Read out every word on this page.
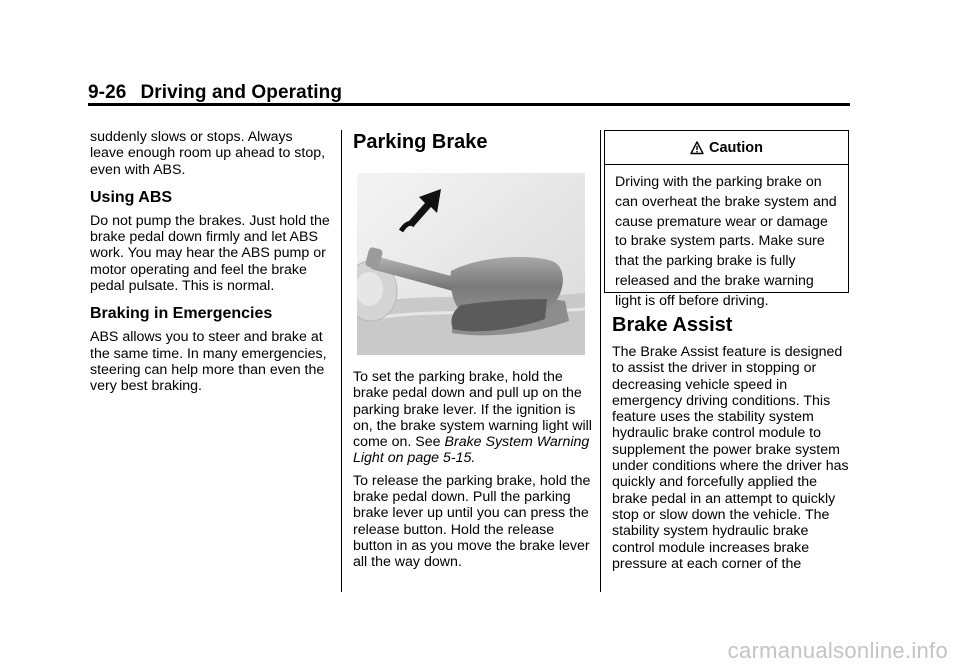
9-26 Driving and Operating

suddenly slows or stops. Always leave enough room up ahead to stop, even with ABS.

Using ABS

Do not pump the brakes. Just hold the brake pedal down firmly and let ABS work. You may hear the ABS pump or motor operating and feel the brake pedal pulsate. This is normal.

Braking in Emergencies

ABS allows you to steer and brake at the same time. In many emergencies, steering can help more than even the very best braking.

Parking Brake

To set the parking brake, hold the brake pedal down and pull up on the parking brake lever. If the ignition is on, the brake system warning light will come on. See Brake System Warning Light on page 5-15.

To release the parking brake, hold the brake pedal down. Pull the parking brake lever up until you can press the release button. Hold the release button in as you move the brake lever all the way down.

Caution
Driving with the parking brake on can overheat the brake system and cause premature wear or damage to brake system parts. Make sure that the parking brake is fully released and the brake warning light is off before driving.
Brake Assist

The Brake Assist feature is designed to assist the driver in stopping or decreasing vehicle speed in emergency driving conditions. This feature uses the stability system hydraulic brake control module to supplement the power brake system under conditions where the driver has quickly and forcefully applied the brake pedal in an attempt to quickly stop or slow down the vehicle. The stability system hydraulic brake control module increases brake pressure at each corner of the

carmanualsonline.info
